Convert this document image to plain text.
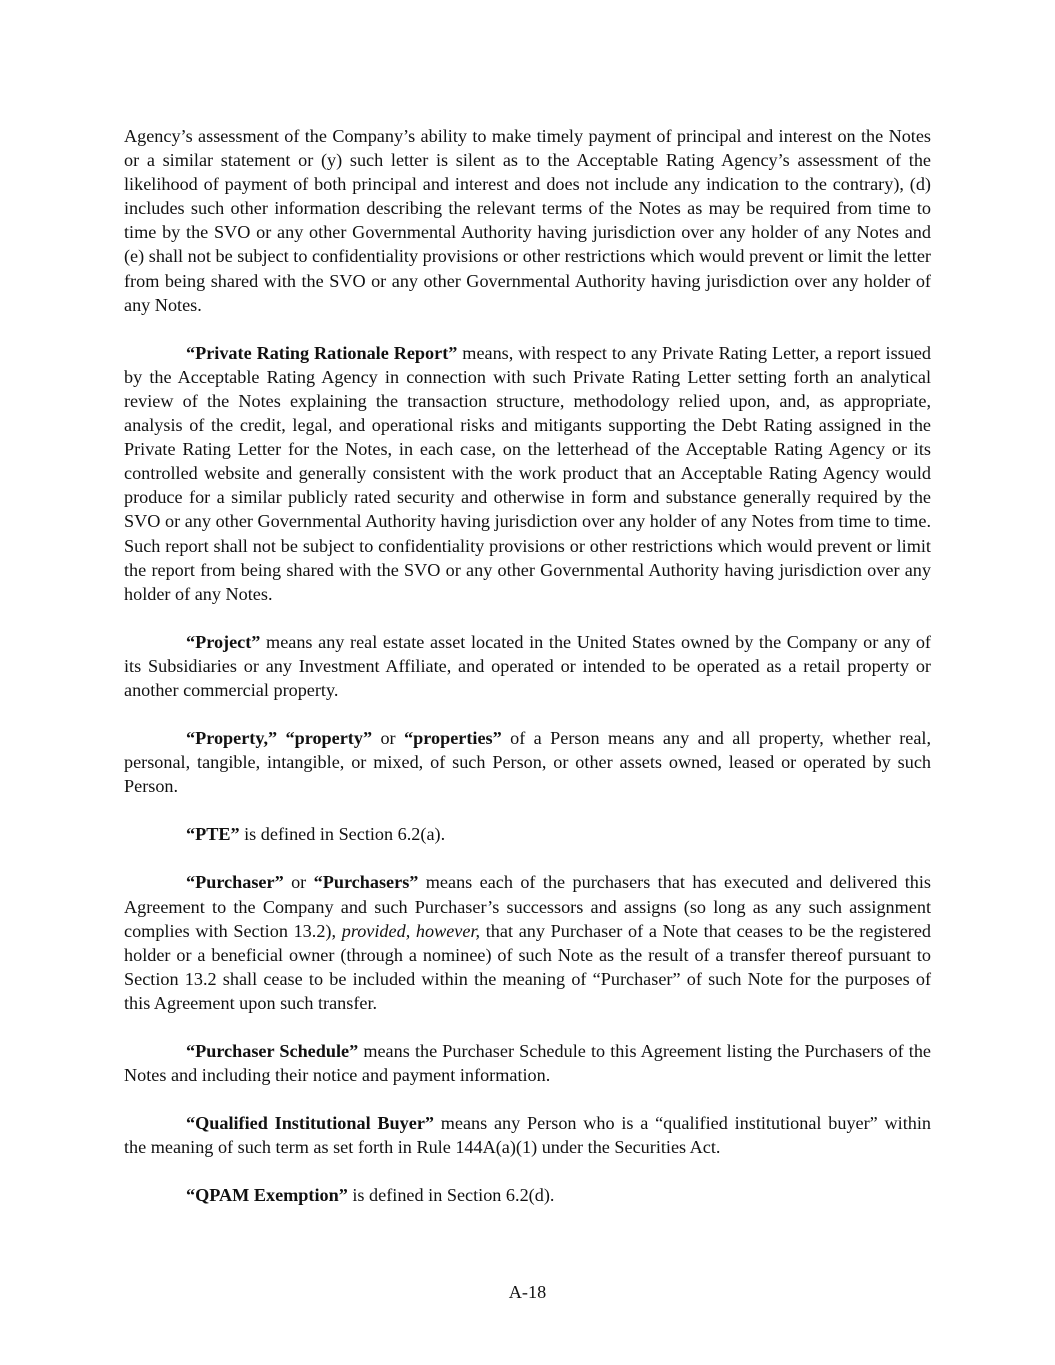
Agency’s assessment of the Company’s ability to make timely payment of principal and interest on the Notes or a similar statement or (y) such letter is silent as to the Acceptable Rating Agency’s assessment of the likelihood of payment of both principal and interest and does not include any indication to the contrary), (d) includes such other information describing the relevant terms of the Notes as may be required from time to time by the SVO or any other Governmental Authority having jurisdiction over any holder of any Notes and (e) shall not be subject to confidentiality provisions or other restrictions which would prevent or limit the letter from being shared with the SVO or any other Governmental Authority having jurisdiction over any holder of any Notes.

“Private Rating Rationale Report” means, with respect to any Private Rating Letter, a report issued by the Acceptable Rating Agency in connection with such Private Rating Letter setting forth an analytical review of the Notes explaining the transaction structure, methodology relied upon, and, as appropriate, analysis of the credit, legal, and operational risks and mitigants supporting the Debt Rating assigned in the Private Rating Letter for the Notes, in each case, on the letterhead of the Acceptable Rating Agency or its controlled website and generally consistent with the work product that an Acceptable Rating Agency would produce for a similar publicly rated security and otherwise in form and substance generally required by the SVO or any other Governmental Authority having jurisdiction over any holder of any Notes from time to time. Such report shall not be subject to confidentiality provisions or other restrictions which would prevent or limit the report from being shared with the SVO or any other Governmental Authority having jurisdiction over any holder of any Notes.

“Project” means any real estate asset located in the United States owned by the Company or any of its Subsidiaries or any Investment Affiliate, and operated or intended to be operated as a retail property or another commercial property.

“Property,” “property” or “properties” of a Person means any and all property, whether real, personal, tangible, intangible, or mixed, of such Person, or other assets owned, leased or operated by such Person.

“PTE” is defined in Section 6.2(a).

“Purchaser” or “Purchasers” means each of the purchasers that has executed and delivered this Agreement to the Company and such Purchaser’s successors and assigns (so long as any such assignment complies with Section 13.2), provided, however, that any Purchaser of a Note that ceases to be the registered holder or a beneficial owner (through a nominee) of such Note as the result of a transfer thereof pursuant to Section 13.2 shall cease to be included within the meaning of “Purchaser” of such Note for the purposes of this Agreement upon such transfer.

“Purchaser Schedule” means the Purchaser Schedule to this Agreement listing the Purchasers of the Notes and including their notice and payment information.

“Qualified Institutional Buyer” means any Person who is a “qualified institutional buyer” within the meaning of such term as set forth in Rule 144A(a)(1) under the Securities Act.

“QPAM Exemption” is defined in Section 6.2(d).

A-18
